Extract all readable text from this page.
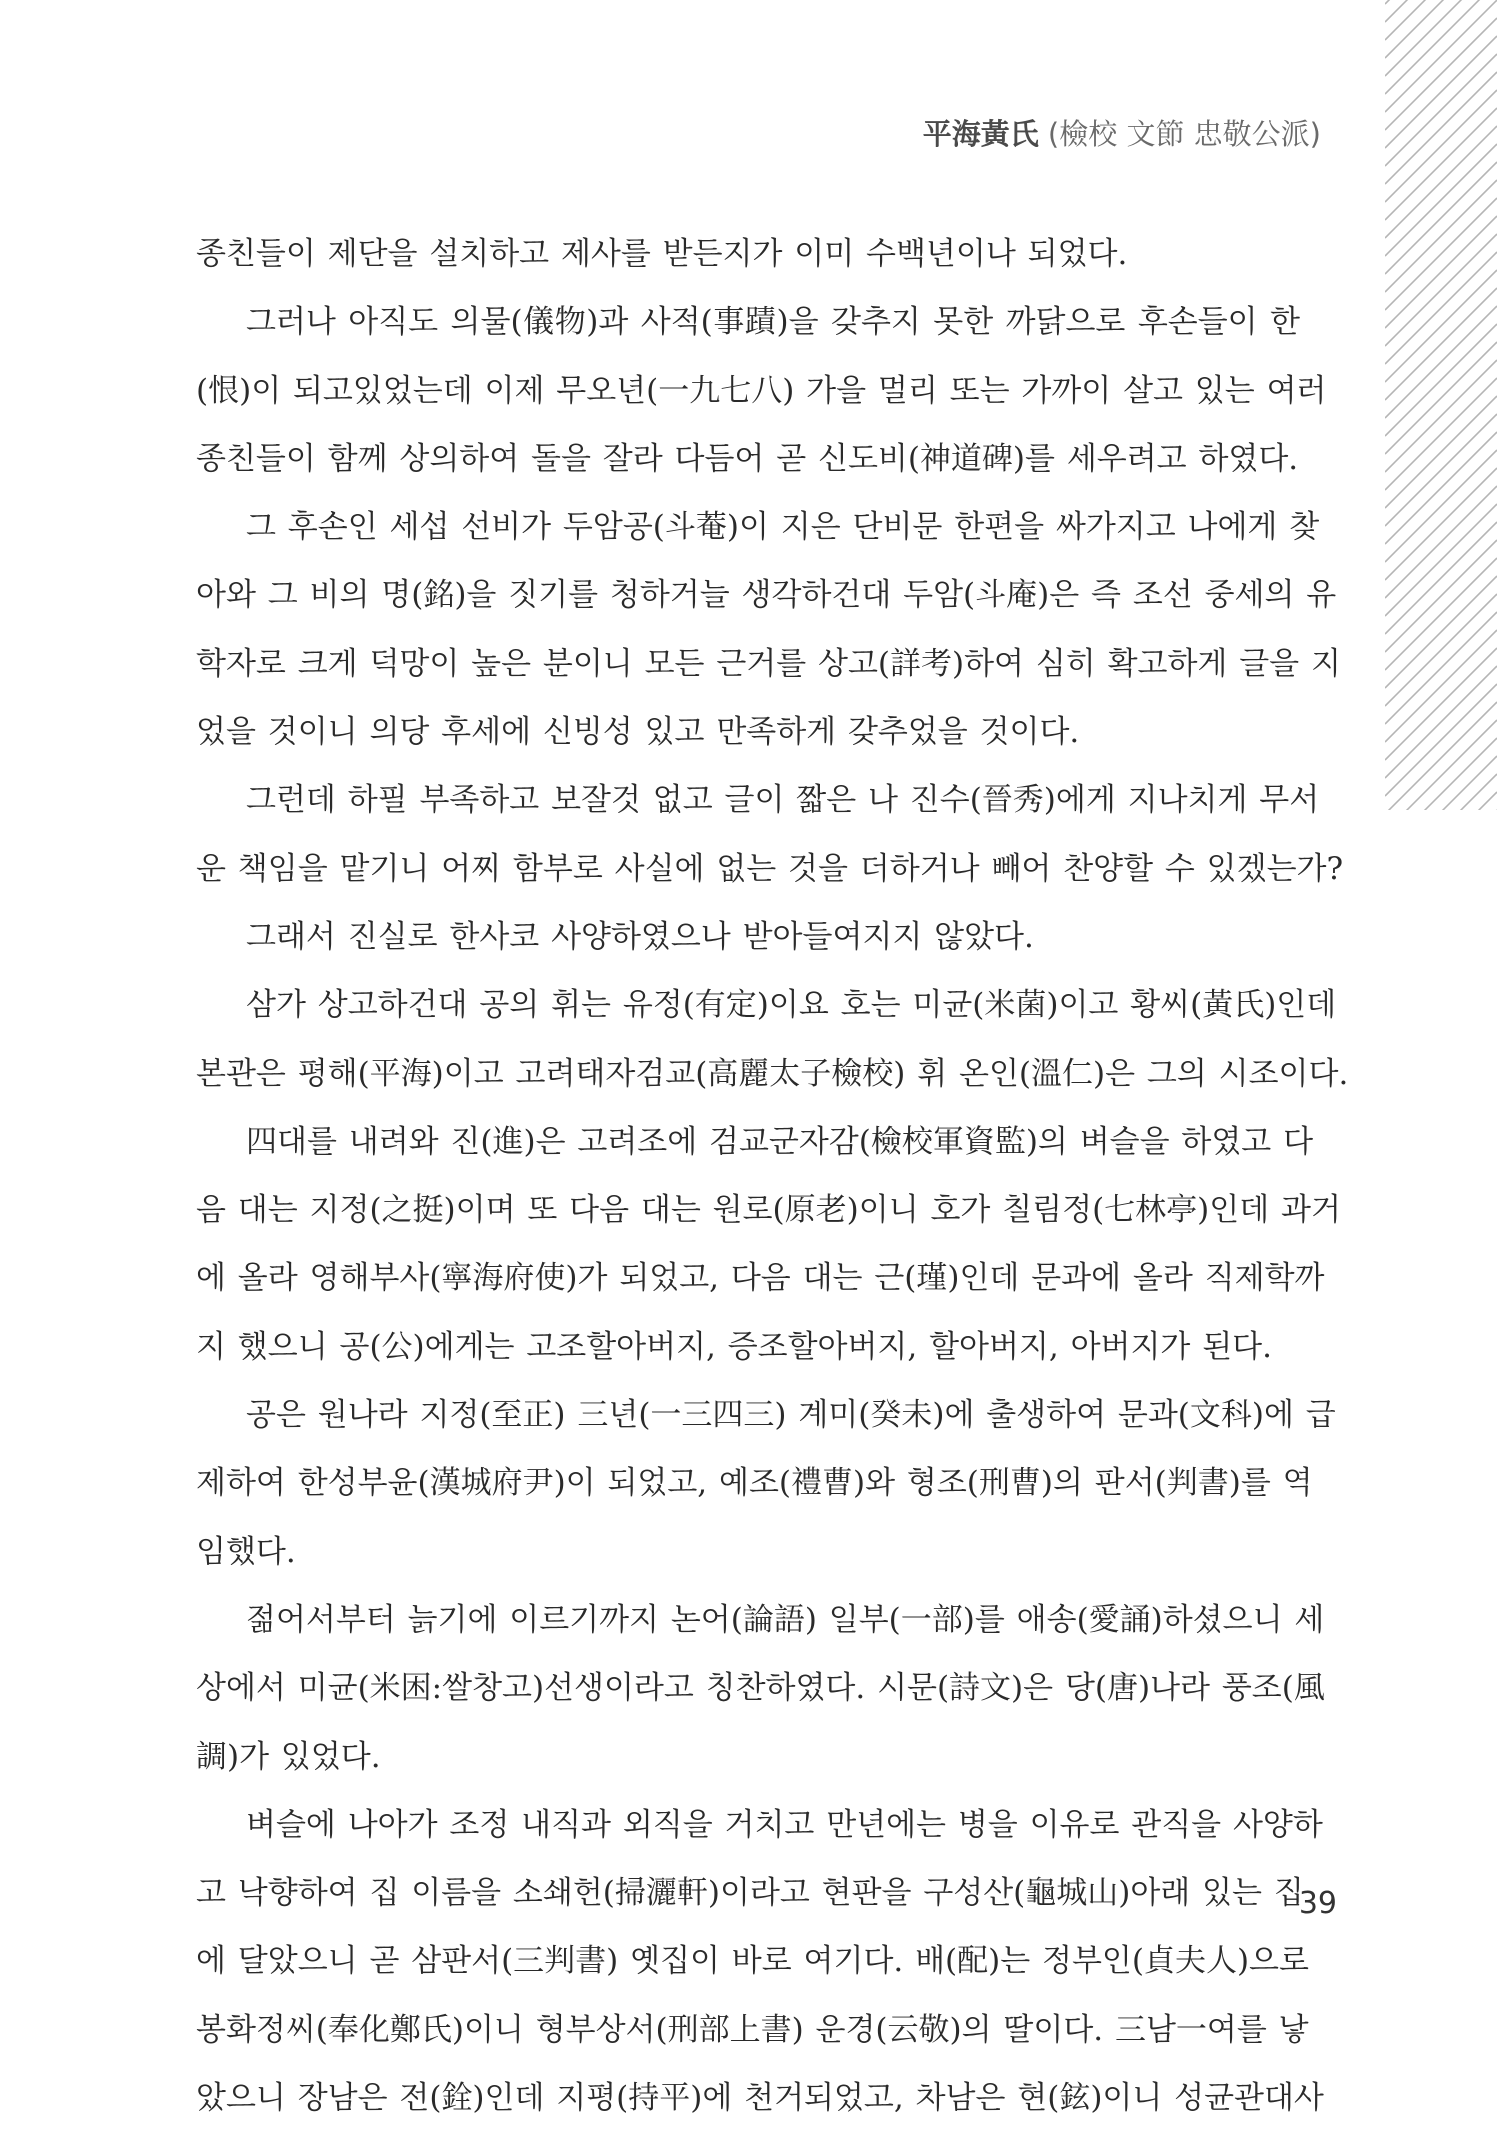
平海黃氏 (檢校 文節 忠敬公派)
종친들이 제단을 설치하고 제사를 받든지가 이미 수백년이나 되었다.
그러나 아직도 의물(儀物)과 사적(事蹟)을 갖추지 못한 까닭으로 후손들이 한
(恨)이 되고있었는데 이제 무오년(一九七八) 가을 멀리 또는 가까이 살고 있는 여러
종친들이 함께 상의하여 돌을 잘라 다듬어 곧 신도비(神道碑)를 세우려고 하였다.
그 후손인 세섭 선비가 두암공(斗菴)이 지은 단비문 한편을 싸가지고 나에게 찾
아와 그 비의 명(銘)을 짓기를 청하거늘 생각하건대 두암(斗庵)은 즉 조선 중세의 유
학자로 크게 덕망이 높은 분이니 모든 근거를 상고(詳考)하여 심히 확고하게 글을 지
었을 것이니 의당 후세에 신빙성 있고 만족하게 갖추었을 것이다.
그런데 하필 부족하고 보잘것 없고 글이 짧은 나 진수(晉秀)에게 지나치게 무서
운 책임을 맡기니 어찌 함부로 사실에 없는 것을 더하거나 빼어 찬양할 수 있겠는가?
그래서 진실로 한사코 사양하였으나 받아들여지지 않았다.
삼가 상고하건대 공의 휘는 유정(有定)이요 호는 미균(米菌)이고 황씨(黃氏)인데
본관은 평해(平海)이고 고려태자검교(高麗太子檢校) 휘 온인(溫仁)은 그의 시조이다.
四대를 내려와 진(進)은 고려조에 검교군자감(檢校軍資監)의 벼슬을 하였고 다
음 대는 지정(之挺)이며 또 다음 대는 원로(原老)이니 호가 칠림정(七林亭)인데 과거
에 올라 영해부사(寧海府使)가 되었고, 다음 대는 근(瑾)인데 문과에 올라 직제학까
지 했으니 공(公)에게는 고조할아버지, 증조할아버지, 할아버지, 아버지가 된다.
공은 원나라 지정(至正) 三년(一三四三) 계미(癸未)에 출생하여 문과(文科)에 급
제하여 한성부윤(漢城府尹)이 되었고, 예조(禮曹)와 형조(刑曹)의 판서(判書)를 역
임했다.
젊어서부터 늙기에 이르기까지 논어(論語) 일부(一部)를 애송(愛誦)하셨으니 세
상에서 미균(米困:쌀창고)선생이라고 칭찬하였다. 시문(詩文)은 당(唐)나라 풍조(風
調)가 있었다.
벼슬에 나아가 조정 내직과 외직을 거치고 만년에는 병을 이유로 관직을 사양하
고 낙향하여 집 이름을 소쇄헌(掃灑軒)이라고 현판을 구성산(龜城山)아래 있는 집
에 달았으니 곧 삼판서(三判書) 옛집이 바로 여기다. 배(配)는 정부인(貞夫人)으로
봉화정씨(奉化鄭氏)이니 형부상서(刑部上書) 운경(云敬)의 딸이다. 三남一여를 낳
았으니 장남은 전(銓)인데 지평(持平)에 천거되었고, 차남은 현(鉉)이니 성균관대사
39
